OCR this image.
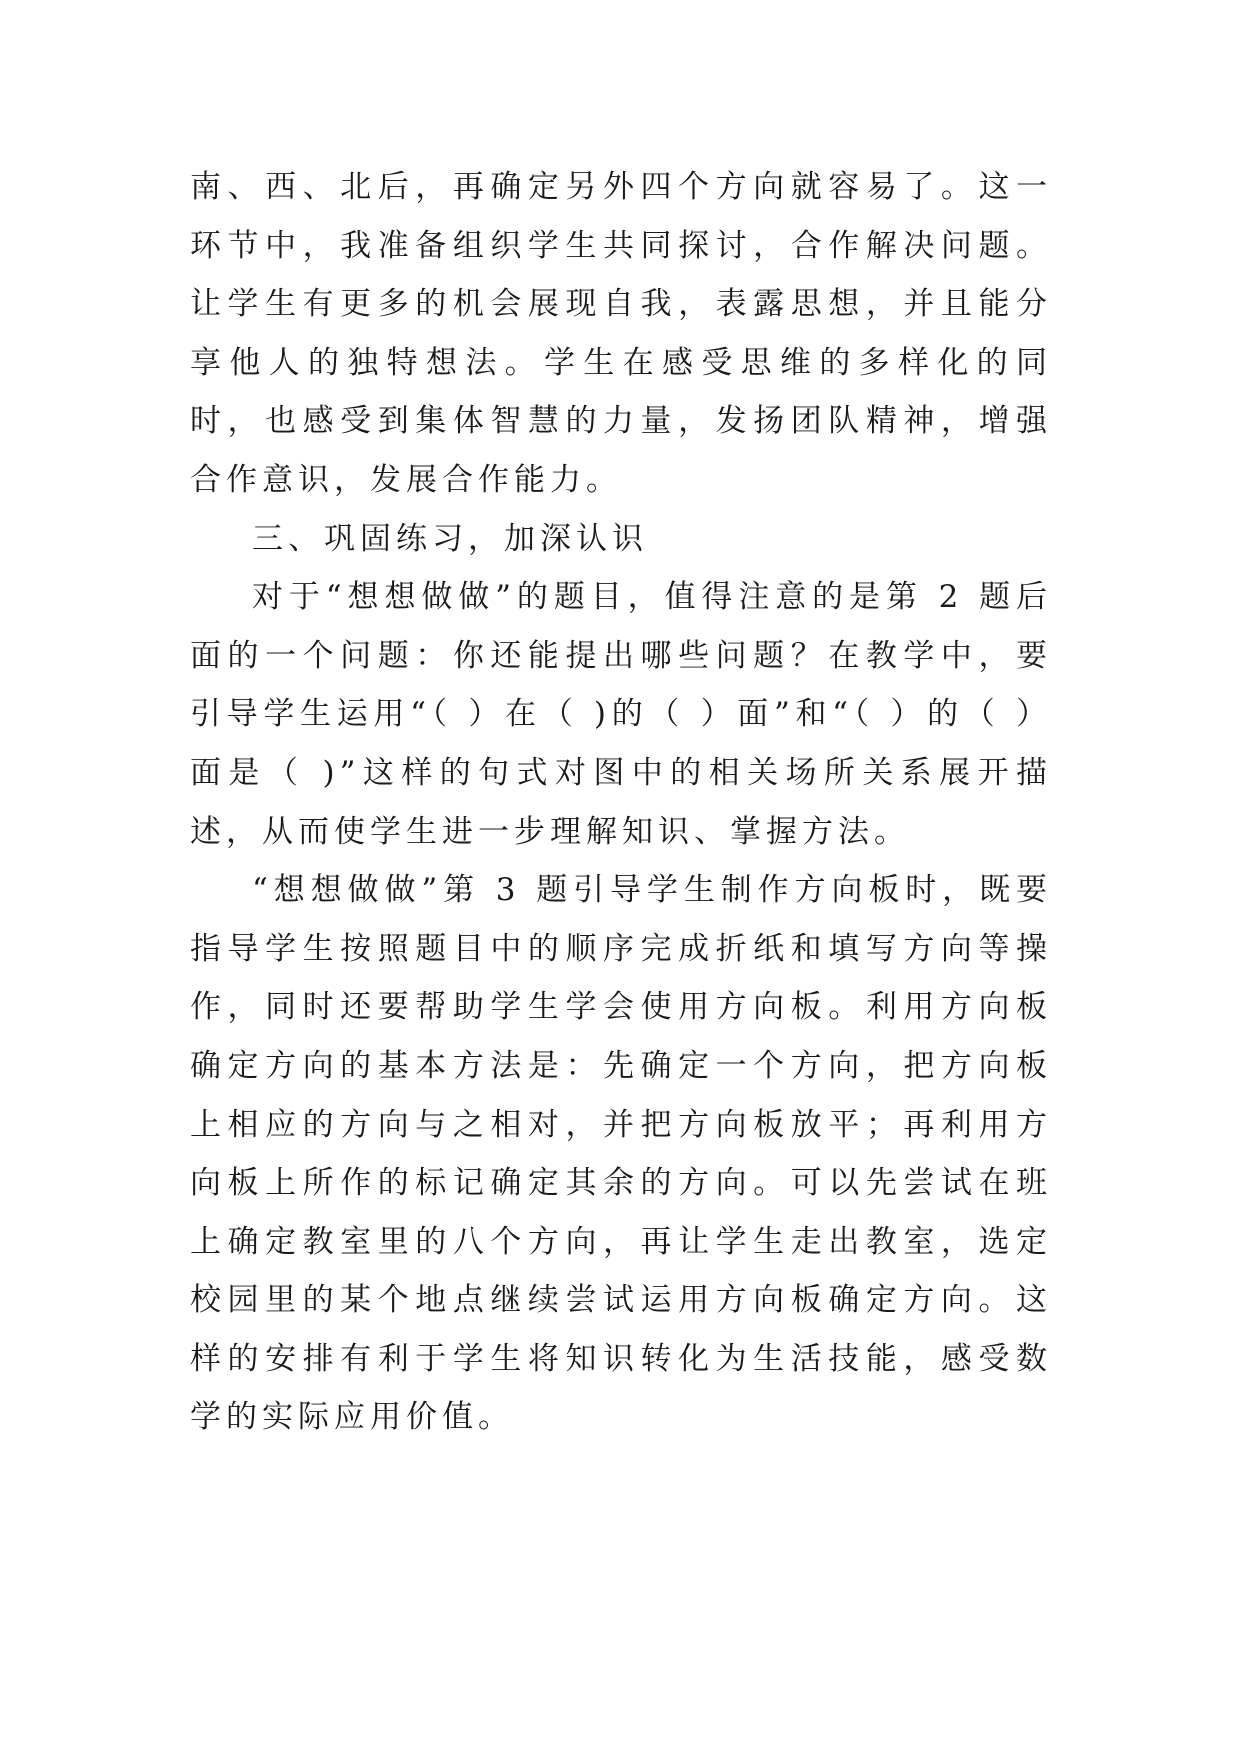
南、西、北后，再确定另外四个方向就容易了。这一环节中，我准备组织学生共同探讨，合作解决问题。让学生有更多的机会展现自我，表露思想，并且能分享他人的独特想法。学生在感受思维的多样化的同时，也感受到集体智慧的力量，发扬团队精神，增强合作意识，发展合作能力。

三、巩固练习，加深认识

对于“想想做做”的题目，值得注意的是第 2 题后面的一个问题：你还能提出哪些问题？在教学中，要引导学生运用“（ ）在（ )的（ ）面”和“（ ）的（ ）面是（ )”这样的句式对图中的相关场所关系展开描述，从而使学生进一步理解知识、掌握方法。

“想想做做”第 3 题引导学生制作方向板时，既要指导学生按照题目中的顺序完成折纸和填写方向等操作，同时还要帮助学生学会使用方向板。利用方向板确定方向的基本方法是：先确定一个方向，把方向板上相应的方向与之相对，并把方向板放平；再利用方向板上所作的标记确定其余的方向。可以先尝试在班上确定教室里的八个方向，再让学生走出教室，选定校园里的某个地点继续尝试运用方向板确定方向。这样的安排有利于学生将知识转化为生活技能，感受数学的实际应用价值。
